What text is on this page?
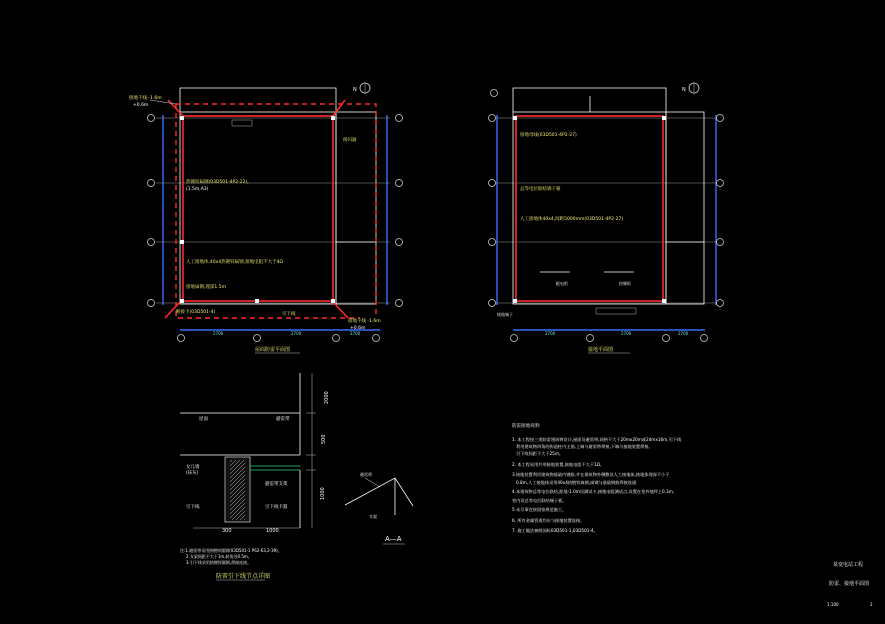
N
接地干线 -1.6m
+0.6m
热镀锌扁钢(03D501-4P2-22),
(1.5m,A3)
接闪器
人工接地体,40x4热镀锌扁钢,接地电阻不大于4Ω
接地扁钢,埋深1.5m
断接卡(03D501-4)	引下线
接地干线 -1.6m
+0.6m
2700	2700	2700
屋面防雷平面图
N
接地母线(03D501-4P2-27)
总等电位联结端子箱
人工接地体40x4,间距5000mm(03D501-4P2-27)
配电柜	控制柜
接地端子
2700	2700	2700
接地平面图
屋面	避雷带
女儿墙
(抹灰)
引下线
避雷带支架
引下线卡箍
2000
500
1000
1000
300
注:1.避雷带采用热镀锌圆钢(03D501-1 P62-63,2-39)。
2.支架间距不大于1m,转角处0.5m。
3.引下线采用热镀锌圆钢,焊接连接。
防雷引下线节点详图
避雷带
支架
A—A
防雷接地说明:
1. 本工程按三类防雷建筑物设计,屋面设避雷带,网格不大于20mx20m或24mx16m,引下线
利用建筑物四角的构造柱内主筋,上端与避雷带焊接,下端与接地装置焊接。
引下线间距不大于25m。
2. 本工程采用共用接地装置,接地电阻不大于1Ω,
3.接地装置利用建筑物基础内钢筋,并在建筑物外侧敷设人工接地体,接地体埋深不小于
0.8m,人工接地体采用40x4热镀锌扁钢,扁钢与基础钢筋焊接连通
4.本建筑物总等电位联结,距地-1.0m设测试卡,接地电阻测试点,设置在室外地坪上0.3m。
室内设总等电位联结端子板。
5.未尽事宜按国家规范施工。
6. 所有金属管道均应与接地装置连接。
7. 施工做法参照国标03D501-1,03D501-4。
某变电站工程
防雷、接地平面图
1:100	2
